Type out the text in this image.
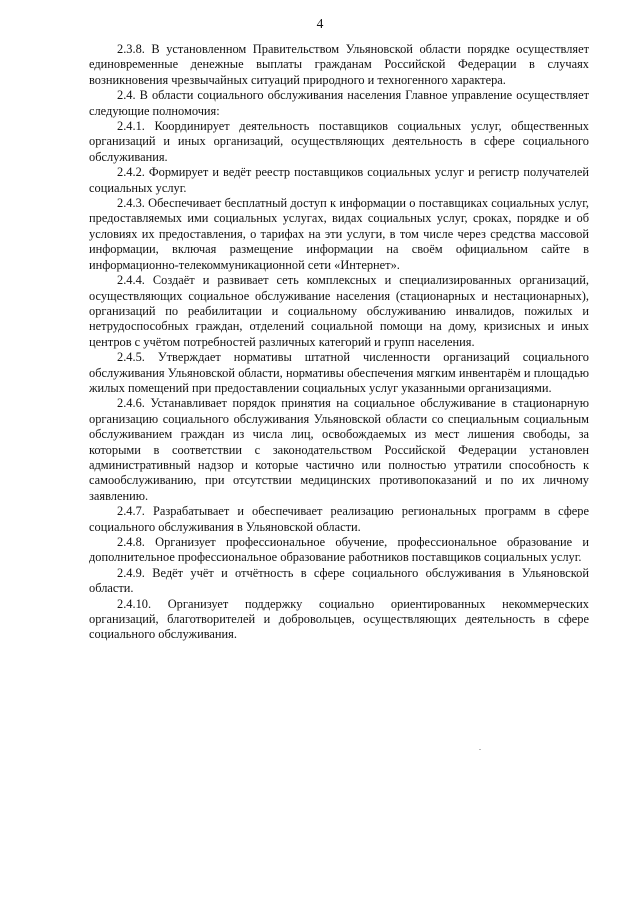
4

2.3.8. В установленном Правительством Ульяновской области порядке осуществляет единовременные денежные выплаты гражданам Российской Федерации в случаях возникновения чрезвычайных ситуаций природного и техногенного характера.

2.4. В области социального обслуживания населения Главное управление осуществляет следующие полномочия:

2.4.1. Координирует деятельность поставщиков социальных услуг, общественных организаций и иных организаций, осуществляющих деятельность в сфере социального обслуживания.

2.4.2. Формирует и ведёт реестр поставщиков социальных услуг и регистр получателей социальных услуг.

2.4.3. Обеспечивает бесплатный доступ к информации о поставщиках социальных услуг, предоставляемых ими социальных услугах, видах социальных услуг, сроках, порядке и об условиях их предоставления, о тарифах на эти услуги, в том числе через средства массовой информации, включая размещение информации на своём официальном сайте в информационно-телекоммуникационной сети «Интернет».

2.4.4. Создаёт и развивает сеть комплексных и специализированных организаций, осуществляющих социальное обслуживание населения (стационарных и нестационарных), организаций по реабилитации и социальному обслуживанию инвалидов, пожилых и нетрудоспособных граждан, отделений социальной помощи на дому, кризисных и иных центров с учётом потребностей различных категорий и групп населения.

2.4.5. Утверждает нормативы штатной численности организаций социального обслуживания Ульяновской области, нормативы обеспечения мягким инвентарём и площадью жилых помещений при предоставлении социальных услуг указанными организациями.

2.4.6. Устанавливает порядок принятия на социальное обслуживание в стационарную организацию социального обслуживания Ульяновской области со специальным социальным обслуживанием граждан из числа лиц, освобождаемых из мест лишения свободы, за которыми в соответствии с законодательством Российской Федерации установлен административный надзор и которые частично или полностью утратили способность к самообслуживанию, при отсутствии медицинских противопоказаний и по их личному заявлению.

2.4.7. Разрабатывает и обеспечивает реализацию региональных программ в сфере социального обслуживания в Ульяновской области.

2.4.8. Организует профессиональное обучение, профессиональное образование и дополнительное профессиональное образование работников поставщиков социальных услуг.

2.4.9. Ведёт учёт и отчётность в сфере социального обслуживания в Ульяновской области.

2.4.10. Организует поддержку социально ориентированных некоммерческих организаций, благотворителей и добровольцев, осуществляющих деятельность в сфере социального обслуживания.
